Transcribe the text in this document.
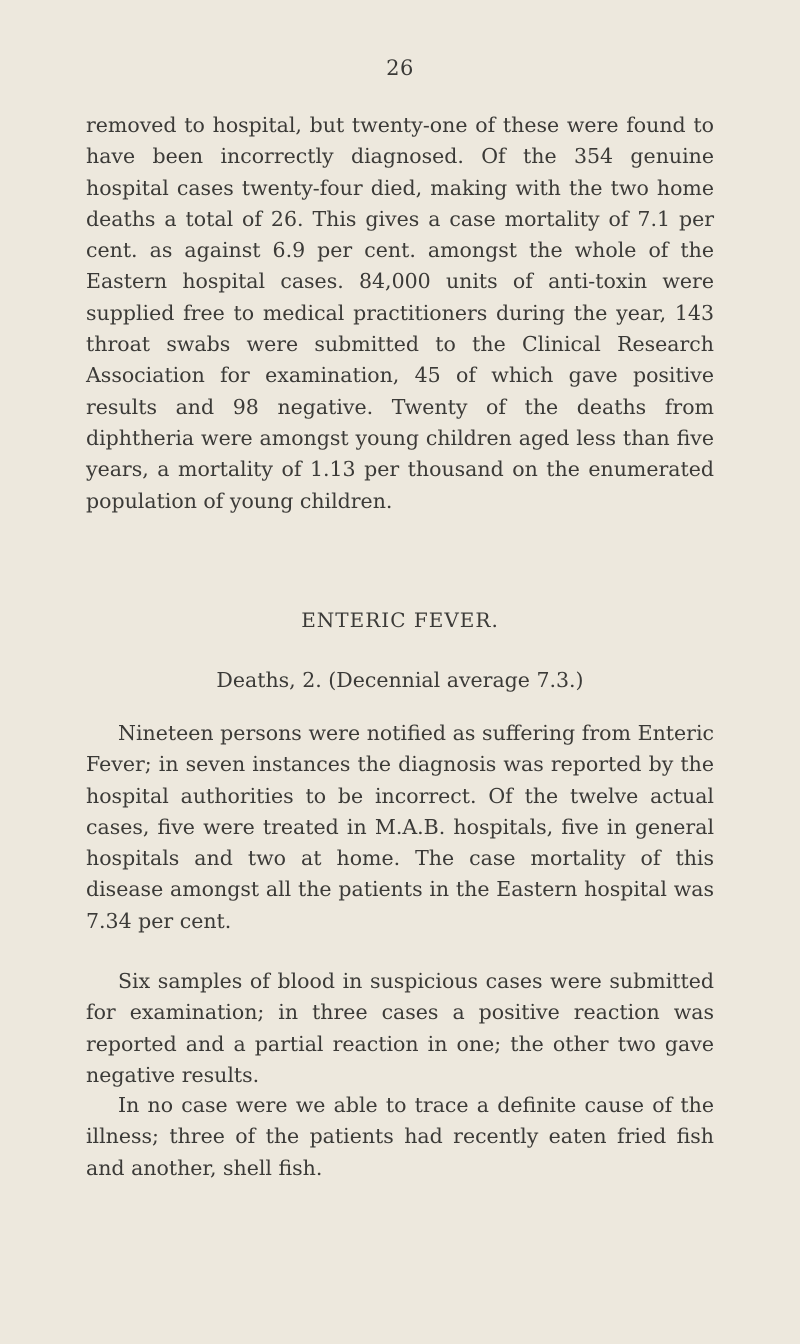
26

removed to hospital, but twenty-one of these were found to have been incorrectly diagnosed. Of the 354 genuine hospital cases twenty-four died, making with the two home deaths a total of 26. This gives a case mortality of 7.1 per cent. as against 6.9 per cent. amongst the whole of the Eastern hospital cases. 84,000 units of anti-toxin were supplied free to medical practitioners during the year, 143 throat swabs were submitted to the Clinical Research Association for examination, 45 of which gave positive results and 98 negative. Twenty of the deaths from diphtheria were amongst young children aged less than five years, a mortality of 1.13 per thousand on the enumerated population of young children.

ENTERIC FEVER.

Deaths, 2. (Decennial average 7.3.)

Nineteen persons were notified as suffering from Enteric Fever; in seven instances the diagnosis was reported by the hospital authorities to be incorrect. Of the twelve actual cases, five were treated in M.A.B. hospitals, five in general hospitals and two at home. The case mortality of this disease amongst all the patients in the Eastern hospital was 7.34 per cent.

Six samples of blood in suspicious cases were submitted for examination; in three cases a positive reaction was reported and a partial reaction in one; the other two gave negative results.

In no case were we able to trace a definite cause of the illness; three of the patients had recently eaten fried fish and another, shell fish.
